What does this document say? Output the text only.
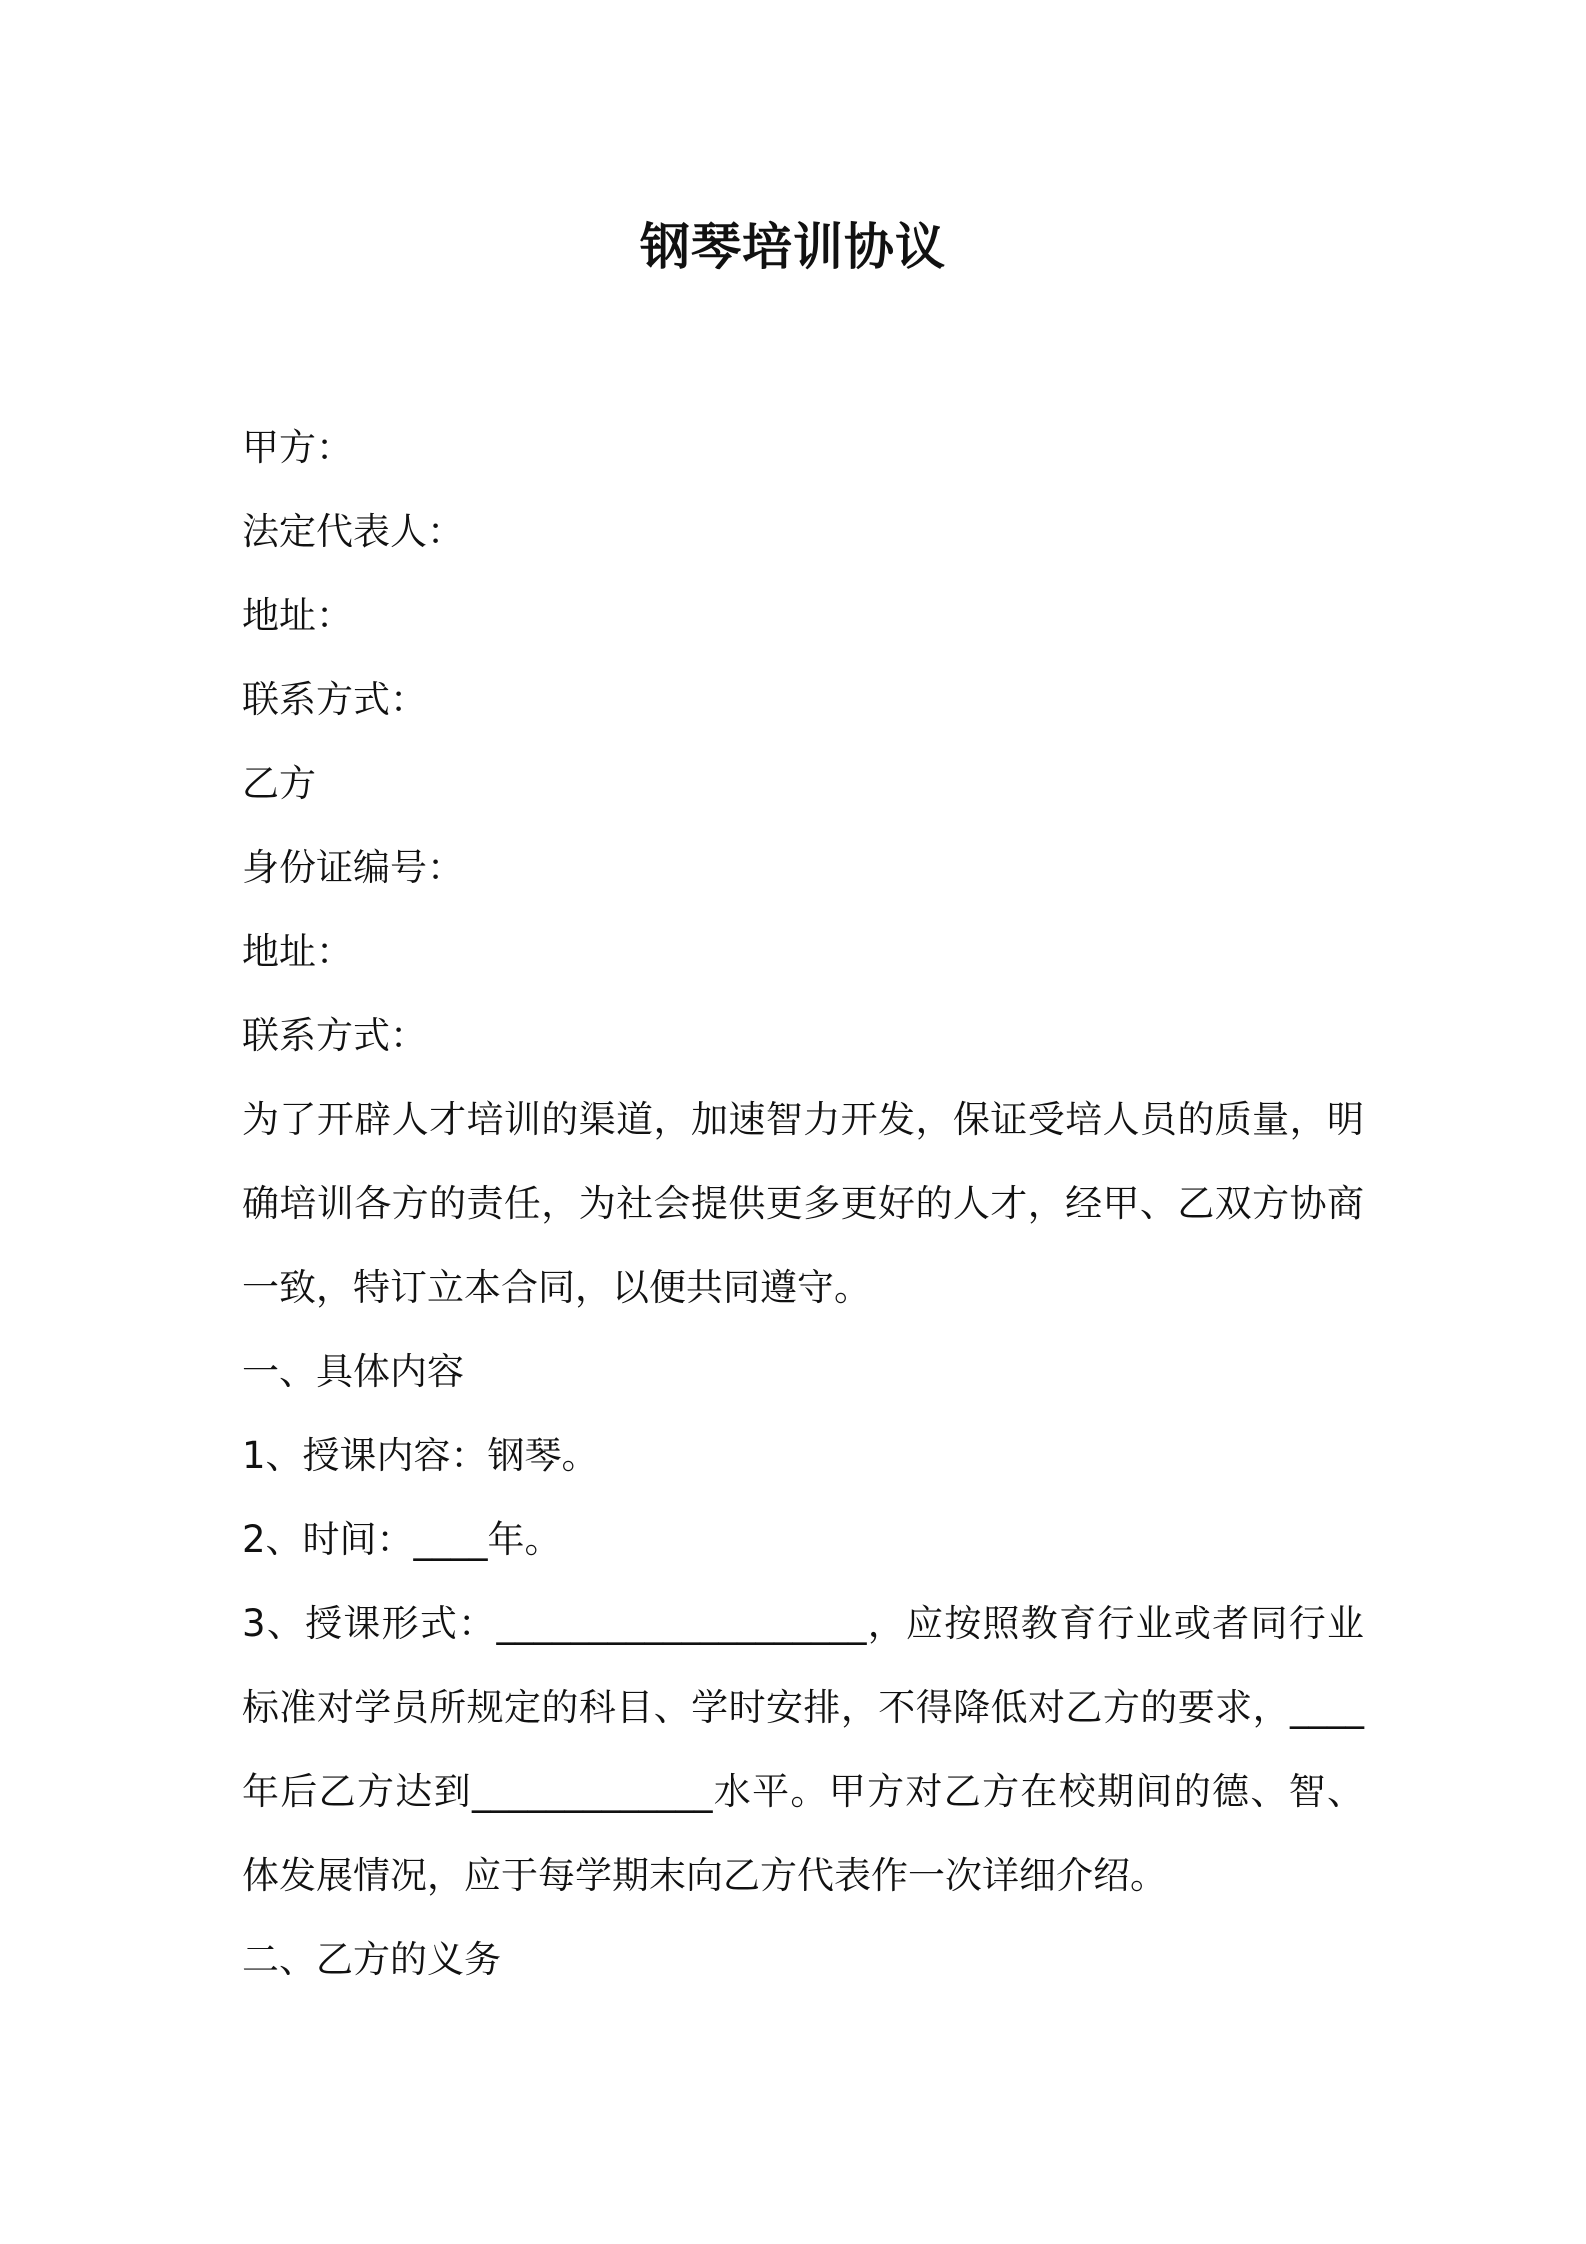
钢琴培训协议

甲方：

法定代表人：

地址：

联系方式：

乙方

身份证编号：

地址：

联系方式：

为了开辟人才培训的渠道，加速智力开发，保证受培人员的质量，明确培训各方的责任，为社会提供更多更好的人才，经甲、乙双方协商一致，特订立本合同，以便共同遵守。

一、具体内容

1、授课内容：钢琴。

2、时间：____年。

3、授课形式：____________________，应按照教育行业或者同行业标准对学员所规定的科目、学时安排，不得降低对乙方的要求，____年后乙方达到_____________水平。甲方对乙方在校期间的德、智、体发展情况，应于每学期末向乙方代表作一次详细介绍。

二、乙方的义务
